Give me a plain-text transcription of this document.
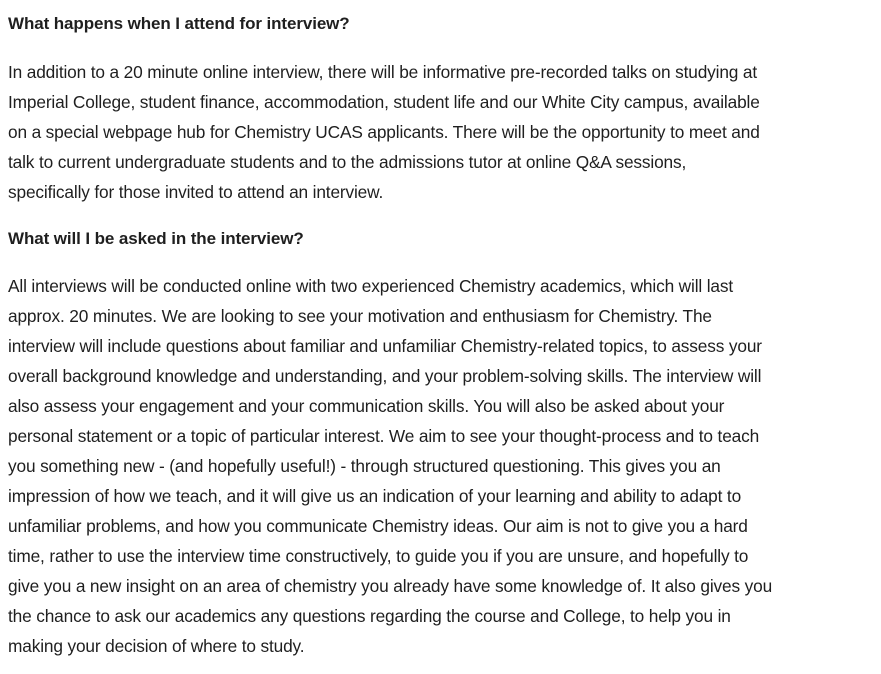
What happens when I attend for interview?

In addition to a 20 minute online interview, there will be informative pre-recorded talks on studying at
Imperial College, student finance, accommodation, student life and our White City campus, available
on a special webpage hub for Chemistry UCAS applicants. There will be the opportunity to meet and
talk to current undergraduate students and to the admissions tutor at online Q&A sessions,
specifically for those invited to attend an interview.

What will I be asked in the interview?

All interviews will be conducted online with two experienced Chemistry academics, which will last
approx. 20 minutes. We are looking to see your motivation and enthusiasm for Chemistry. The
interview will include questions about familiar and unfamiliar Chemistry-related topics, to assess your
overall background knowledge and understanding, and your problem-solving skills. The interview will
also assess your engagement and your communication skills. You will also be asked about your
personal statement or a topic of particular interest. We aim to see your thought-process and to teach
you something new - (and hopefully useful!) - through structured questioning. This gives you an
impression of how we teach, and it will give us an indication of your learning and ability to adapt to
unfamiliar problems, and how you communicate Chemistry ideas. Our aim is not to give you a hard
time, rather to use the interview time constructively, to guide you if you are unsure, and hopefully to
give you a new insight on an area of chemistry you already have some knowledge of. It also gives you
the chance to ask our academics any questions regarding the course and College, to help you in
making your decision of where to study.
